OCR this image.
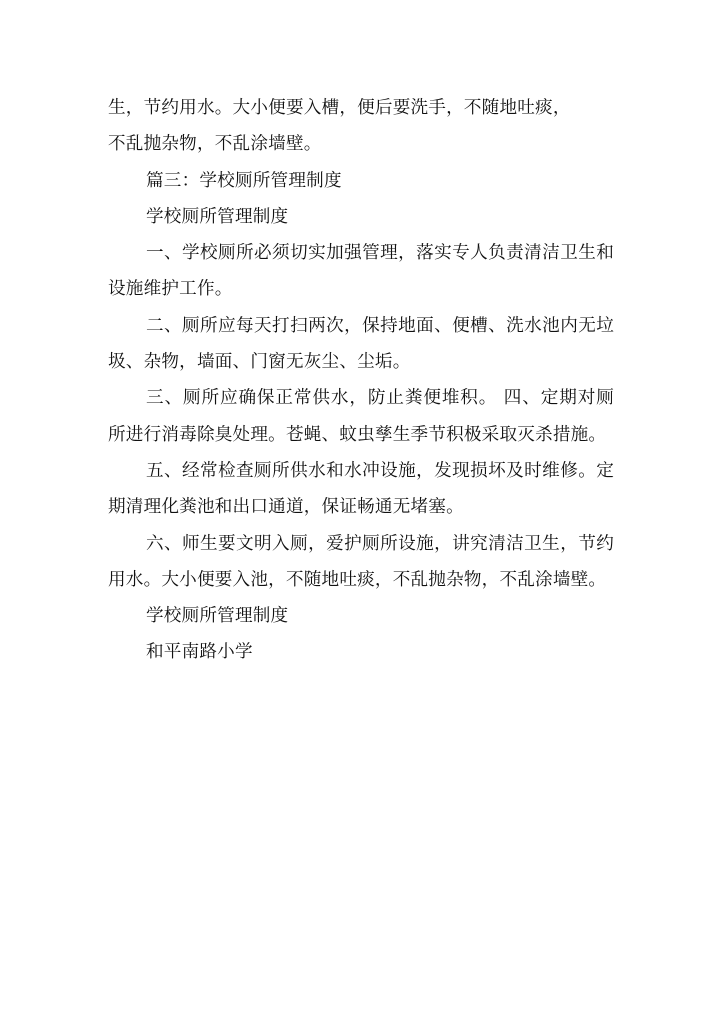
生，节约用水。大小便要入槽，便后要洗手，不随地吐痰，
不乱抛杂物，不乱涂墙壁。

篇三：学校厕所管理制度

学校厕所管理制度

一、学校厕所必须切实加强管理，落实专人负责清洁卫生和设施维护工作。

二、厕所应每天打扫两次，保持地面、便槽、洗水池内无垃圾、杂物，墙面、门窗无灰尘、尘垢。

三、厕所应确保正常供水，防止粪便堆积。 四、定期对厕所进行消毒除臭处理。苍蝇、蚊虫孳生季节积极采取灭杀措施。

五、经常检查厕所供水和水冲设施，发现损坏及时维修。定期清理化粪池和出口通道，保证畅通无堵塞。

六、师生要文明入厕，爱护厕所设施，讲究清洁卫生，节约用水。大小便要入池，不随地吐痰，不乱抛杂物，不乱涂墙壁。

学校厕所管理制度

和平南路小学
